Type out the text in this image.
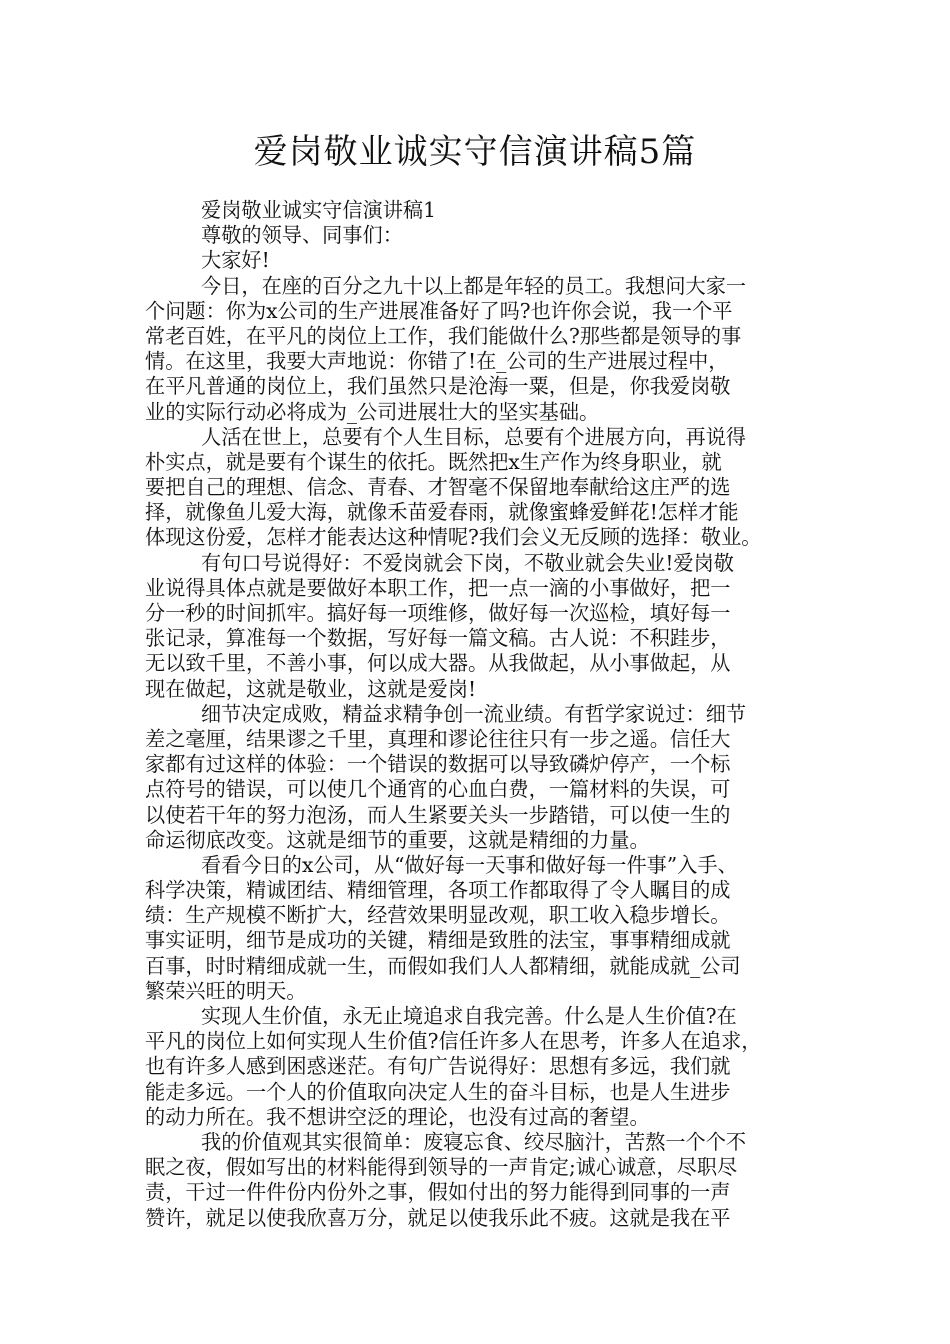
爱岗敬业诚实守信演讲稿5篇
爱岗敬业诚实守信演讲稿1
尊敬的领导、同事们：
大家好!
今日，在座的百分之九十以上都是年轻的员工。我想问大家一
个问题：你为x公司的生产进展准备好了吗?也许你会说，我一个平
常老百姓，在平凡的岗位上工作，我们能做什么?那些都是领导的事
情。在这里，我要大声地说：你错了!在_公司的生产进展过程中，
在平凡普通的岗位上，我们虽然只是沧海一粟，但是，你我爱岗敬
业的实际行动必将成为_公司进展壮大的坚实基础。
人活在世上，总要有个人生目标，总要有个进展方向，再说得
朴实点，就是要有个谋生的依托。既然把x生产作为终身职业，就
要把自己的理想、信念、青春、才智毫不保留地奉献给这庄严的选
择，就像鱼儿爱大海，就像禾苗爱春雨，就像蜜蜂爱鲜花!怎样才能
体现这份爱，怎样才能表达这种情呢?我们会义无反顾的选择：敬业。
有句口号说得好：不爱岗就会下岗，不敬业就会失业!爱岗敬
业说得具体点就是要做好本职工作，把一点一滴的小事做好，把一
分一秒的时间抓牢。搞好每一项维修，做好每一次巡检，填好每一
张记录，算准每一个数据，写好每一篇文稿。古人说：不积跬步，
无以致千里，不善小事，何以成大器。从我做起，从小事做起，从
现在做起，这就是敬业，这就是爱岗!
细节决定成败，精益求精争创一流业绩。有哲学家说过：细节
差之毫厘，结果谬之千里，真理和谬论往往只有一步之遥。信任大
家都有过这样的体验：一个错误的数据可以导致磷炉停产，一个标
点符号的错误，可以使几个通宵的心血白费，一篇材料的失误，可
以使若干年的努力泡汤，而人生紧要关头一步踏错，可以使一生的
命运彻底改变。这就是细节的重要，这就是精细的力量。
看看今日的x公司，从“做好每一天事和做好每一件事”入手、
科学决策，精诚团结、精细管理，各项工作都取得了令人瞩目的成
绩：生产规模不断扩大，经营效果明显改观，职工收入稳步增长。
事实证明，细节是成功的关键，精细是致胜的法宝，事事精细成就
百事，时时精细成就一生，而假如我们人人都精细，就能成就_公司
繁荣兴旺的明天。
实现人生价值，永无止境追求自我完善。什么是人生价值?在
平凡的岗位上如何实现人生价值?信任许多人在思考，许多人在追求，
也有许多人感到困惑迷茫。有句广告说得好：思想有多远，我们就
能走多远。一个人的价值取向决定人生的奋斗目标，也是人生进步
的动力所在。我不想讲空泛的理论，也没有过高的奢望。
我的价值观其实很简单：废寝忘食、绞尽脑汁，苦熬一个个不
眠之夜，假如写出的材料能得到领导的一声肯定;诚心诚意，尽职尽
责，干过一件件份内份外之事，假如付出的努力能得到同事的一声
赞许，就足以使我欣喜万分，就足以使我乐此不疲。这就是我在平
